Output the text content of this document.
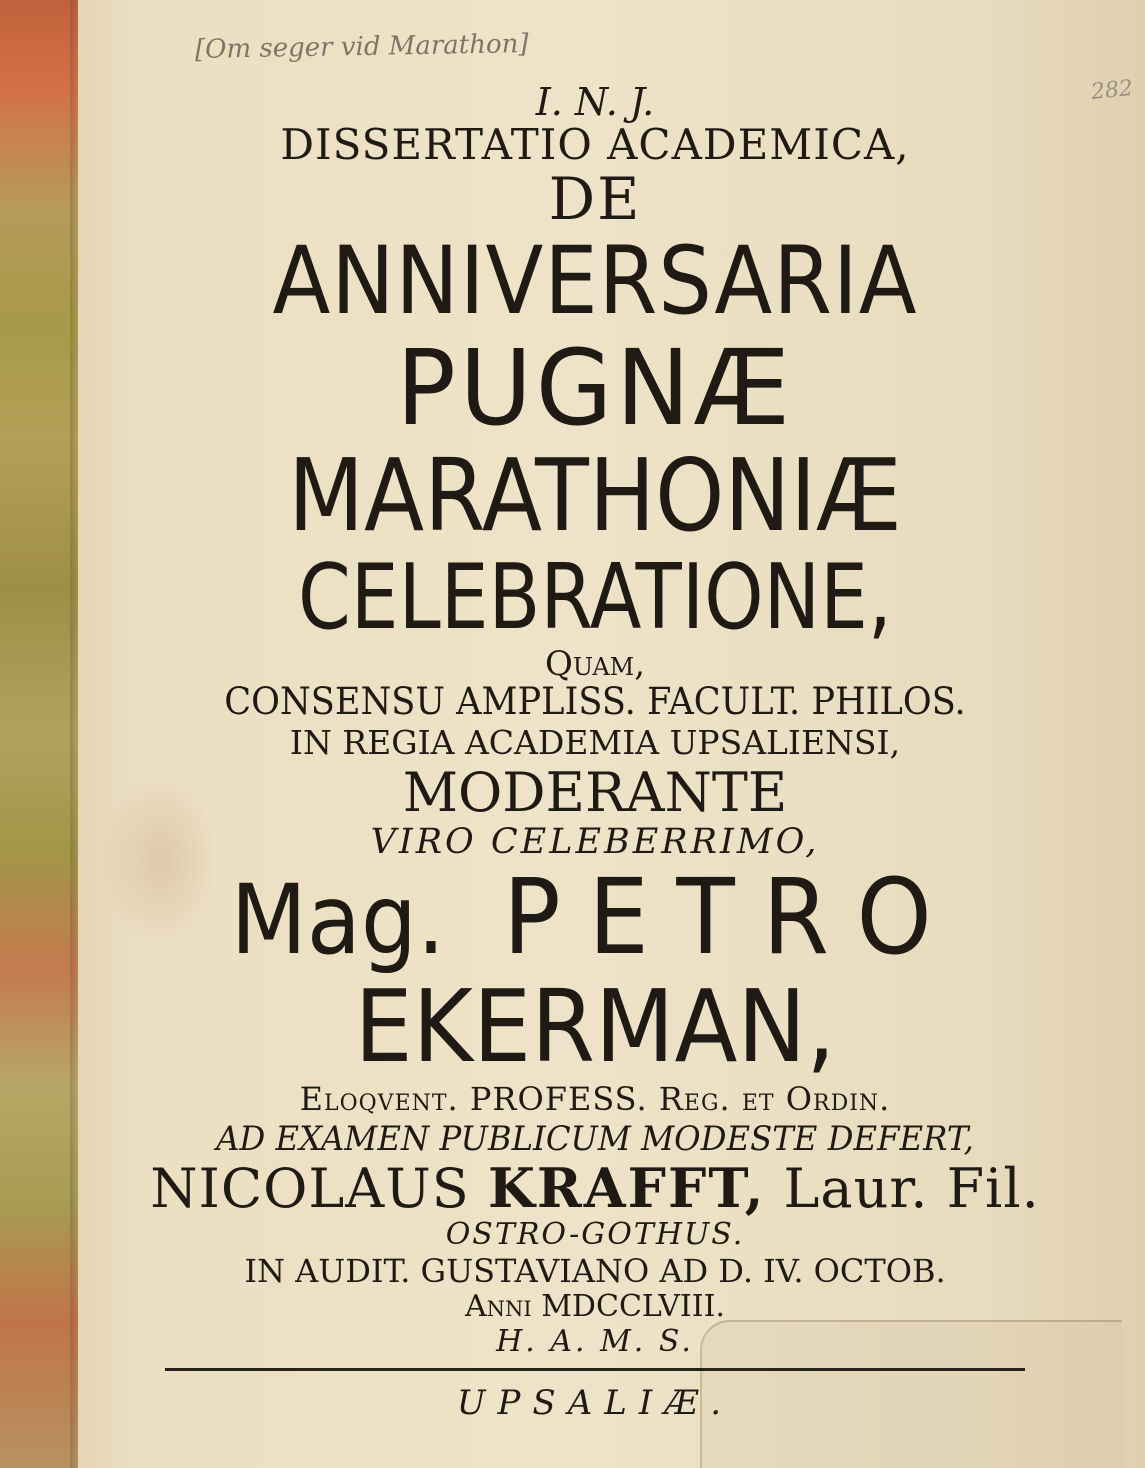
[Om seger vid Marathon]
282
I. N. J.
DISSERTATIO ACADEMICA,
DE
ANNIVERSARIA
PUGNÆ
MARATHONIÆ
CELEBRATIONE,
Quam,
CONSENSU AMPLISS. FACULT. PHILOS.
IN REGIA ACADEMIA UPSALIENSI,
MODERANTE
VIRO CELEBERRIMO,
Mag. PETRO
EKERMAN,
Eloqvent. PROFESS. Reg. et Ordin.
AD EXAMEN PUBLICUM MODESTE DEFERT,
NICOLAUS KRAFFT, Laur. Fil.
OSTRO-GOTHUS.
IN AUDIT. GUSTAVIANO AD D. IV. OCTOB.
Anni MDCCLVIII.
H. A. M. S.
UPSALIÆ.
